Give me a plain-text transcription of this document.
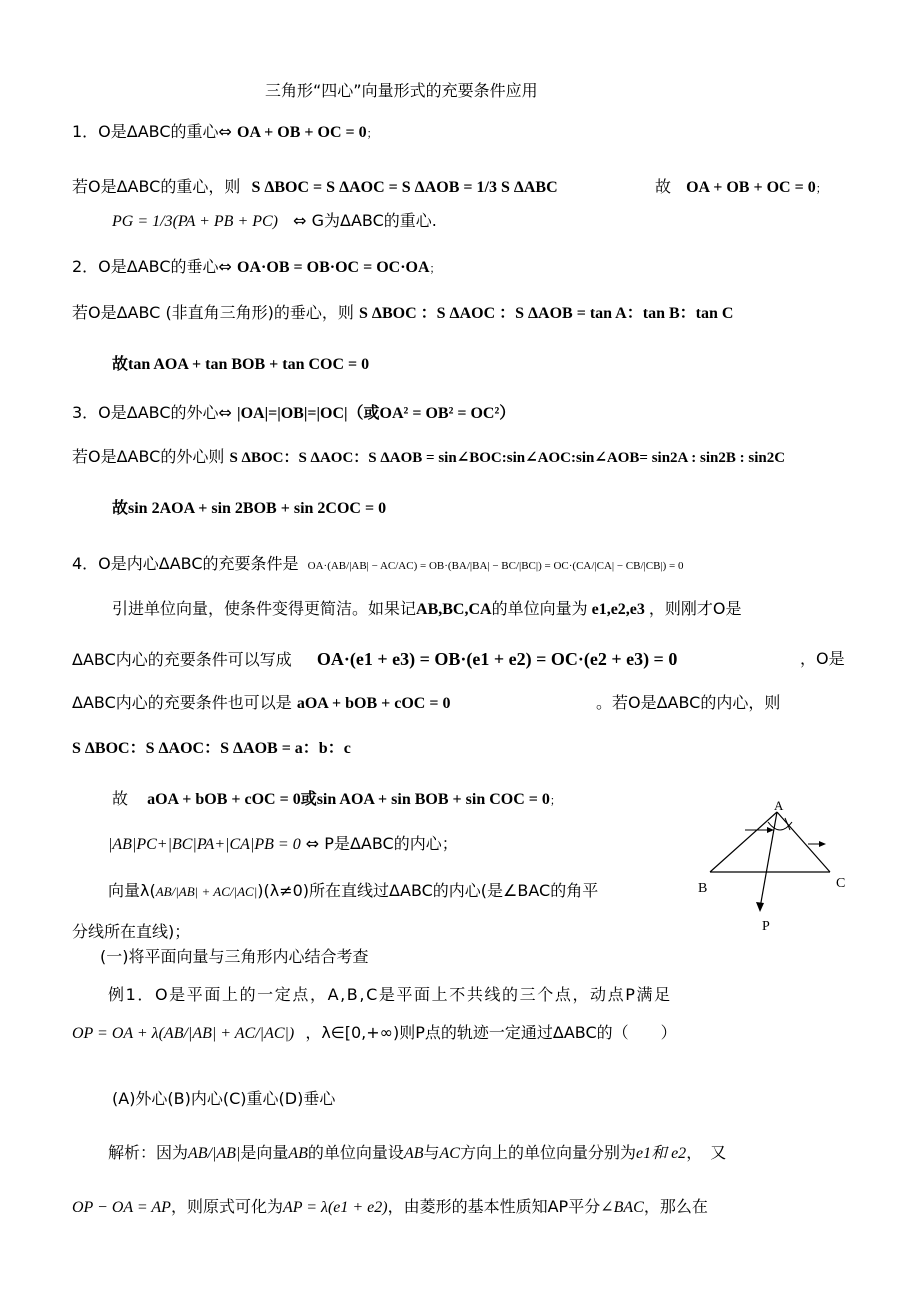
三角形“四心”向量形式的充要条件应用
1．O是ΔABC的重心⇔ OA + OB + OC = 0；
若O是ΔABC的重心，则 S ΔBOC = S ΔAOC = S ΔAOB = 1/3 S ΔABC	故 OA + OB + OC = 0；
PG = 1/3(PA + PB + PC) ⇔ G为ΔABC的重心.
2．O是ΔABC的垂心⇔ OA·OB = OB·OC = OC·OA；
若O是ΔABC (非直角三角形)的垂心，则 S ΔBOC ：S ΔAOC ：S ΔAOB = tan A：tan B：tan C
故tan AOA + tan BOB + tan COC = 0
3．O是ΔABC的外心⇔ |OA|=|OB|=|OC|（或OA² = OB² = OC²）
若O是ΔABC的外心则 S ΔBOC：S ΔAOC：S ΔAOB = sin∠BOC:sin∠AOC:sin∠AOB= sin2A : sin2B : sin2C
故sin 2AOA + sin 2BOB + sin 2COC = 0
4．O是内心ΔABC的充要条件是 OA·(AB/|AB| − AC/AC) = OB·(BA/|BA| − BC/|BC|) = OC·(CA/|CA| − CB/|CB|) = 0
引进单位向量，使条件变得更简洁。如果记AB,BC,CA的单位向量为 e1,e2,e3 ，则刚才O是
ΔABC内心的充要条件可以写成 OA·(e1 + e3) = OB·(e1 + e2) = OC·(e2 + e3) = 0	，O是
ΔABC内心的充要条件也可以是 aOA + bOB + cOC = 0	。若O是ΔABC的内心，则
S ΔBOC：S ΔAOC：S ΔAOB = a：b：c
故 aOA + bOB + cOC = 0或sin AOA + sin BOB + sin COC = 0；
|AB|PC+|BC|PA+|CA|PB = 0 ⇔ P是ΔABC的内心；
向量λ(AB/|AB| + AC/|AC|)(λ≠0)所在直线过ΔABC的内心(是∠BAC的角平
分线所在直线)；
A
B	C
P
(一)将平面向量与三角形内心结合考查
例1．O是平面上的一定点，A,B,C是平面上不共线的三个点，动点P满足
OP = OA + λ(AB/|AB| + AC/|AC|) ，λ∈[0,+∞)则P点的轨迹一定通过ΔABC的（　　）
(A)外心(B)内心(C)重心(D)垂心
解析：因为AB/|AB|是向量AB的单位向量设AB与AC方向上的单位向量分别为e1和 e2，　又
OP − OA = AP，则原式可化为AP = λ(e1 + e2)，由菱形的基本性质知AP平分∠BAC，那么在
